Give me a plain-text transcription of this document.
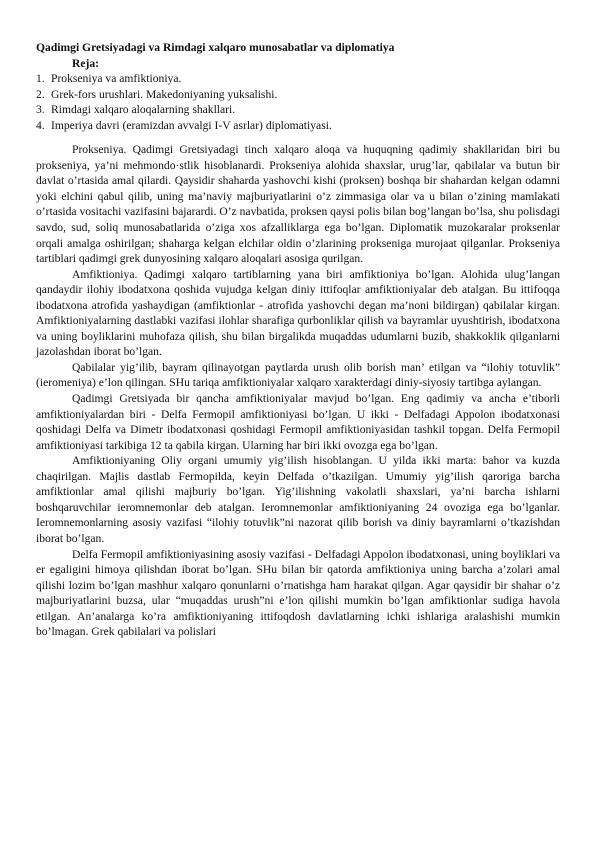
Qadimgi Gretsiyadagi va Rimdagi xalqaro munosabatlar va diplomatiya

Reja:

1. Prokseniya va amfiktioniya.
2. Grek-fors urushlari. Makedoniyaning yuksalishi.
3. Rimdagi xalqaro aloqalarning shakllari.
4. Imperiya davri (eramizdan avvalgi I-V asrlar) diplomatiyasi.

Prokseniya. Qadimgi Gretsiyadagi tinch xalqaro aloqa va huquqning qadimiy shakllaridan biri bu prokseniya, ya’ni mehmondo·stlik hisoblanardi. Prokseniya alohida shaxslar, urug’lar, qabilalar va butun bir davlat o’rtasida amal qilardi. Qaysidir shaharda yashovchi kishi (proksen) boshqa bir shahardan kelgan odamni yoki elchini qabul qilib, uning ma’naviy majburiyatlarini o’z zimmasiga olar va u bilan o’zining mamlakati o’rtasida vositachi vazifasini bajarardi. O’z navbatida, proksen qaysi polis bilan bog’langan bo’lsa, shu polisdagi savdo, sud, soliq munosabatlarida o’ziga xos afzalliklarga ega bo’lgan. Diplomatik muzokaralar proksenlar orqali amalga oshirilgan; shaharga kelgan elchilar oldin o’zlarining prokseniga murojaat qilganlar. Prokseniya tartiblari qadimgi grek dunyosining xalqaro aloqalari asosiga qurilgan.

Amfiktioniya. Qadimgi xalqaro tartiblarning yana biri amfiktioniya bo’lgan. Alohida ulug’langan qandaydir ilohiy ibodatxona qoshida vujudga kelgan diniy ittifoqlar amfiktioniyalar deb atalgan. Bu ittifoqqa ibodatxona atrofida yashaydigan (amfiktionlar - atrofida yashovchi degan ma’noni bildirgan) qabilalar kirgan. Amfiktioniyalarning dastlabki vazifasi ilohlar sharafiga qurbonliklar qilish va bayramlar uyushtirish, ibodatxona va uning boyliklarini muhofaza qilish, shu bilan birgalikda muqaddas udumlarni buzib, shakkoklik qilganlarni jazolashdan iborat bo’lgan.

Qabilalar yig’ilib, bayram qilinayotgan paytlarda urush olib borish man’ etilgan va “ilohiy totuvlik” (ieromeniya) e’lon qilingan. SHu tariqa amfiktioniyalar xalqaro xarakterdagi diniy-siyosiy tartibga aylangan.

Qadimgi Gretsiyada bir qancha amfiktioniyalar mavjud bo’lgan. Eng qadimiy va ancha e’tiborli amfiktioniyalardan biri - Delfa Fermopil amfiktioniyasi bo’lgan. U ikki - Delfadagi Appolon ibodatxonasi qoshidagi Delfa va Dimetr ibodatxonasi qoshidagi Fermopil amfiktioniyasidan tashkil topgan. Delfa Fermopil amfiktioniyasi tarkibiga 12 ta qabila kirgan. Ularning har biri ikki ovozga ega bo’lgan.

Amfiktioniyaning Oliy organi umumiy yig’ilish hisoblangan. U yilda ikki marta: bahor va kuzda chaqirilgan. Majlis dastlab Fermopilda, keyin Delfada o’tkazilgan. Umumiy yig’ilish qaroriga barcha amfiktionlar amal qilishi majburiy bo’lgan. Yig’ilishning vakolatli shaxslari, ya’ni barcha ishlarni boshqaruvchilar ieromnemonlar deb atalgan. Ieromnemonlar amfiktioniyaning 24 ovoziga ega bo’lganlar. Ieromnemonlarning asosiy vazifasi “ilohiy totuvlik”ni nazorat qilib borish va diniy bayramlarni o’tkazishdan iborat bo’lgan.

Delfa Fermopil amfiktioniyasining asosiy vazifasi - Delfadagi Appolon ibodatxonasi, uning boyliklari va er egaligini himoya qilishdan iborat bo’lgan. SHu bilan bir qatorda amfiktioniya uning barcha a’zolari amal qilishi lozim bo’lgan mashhur xalqaro qonunlarni o’rnatishga ham harakat qilgan. Agar qaysidir bir shahar o’z majburiyatlarini buzsa, ular “muqaddas urush”ni e’lon qilishi mumkin bo’lgan amfiktionlar sudiga havola etilgan. An’analarga ko’ra amfiktioniyaning ittifoqdosh davlatlarning ichki ishlariga aralashishi mumkin bo’lmagan. Grek qabilalari va polislari
